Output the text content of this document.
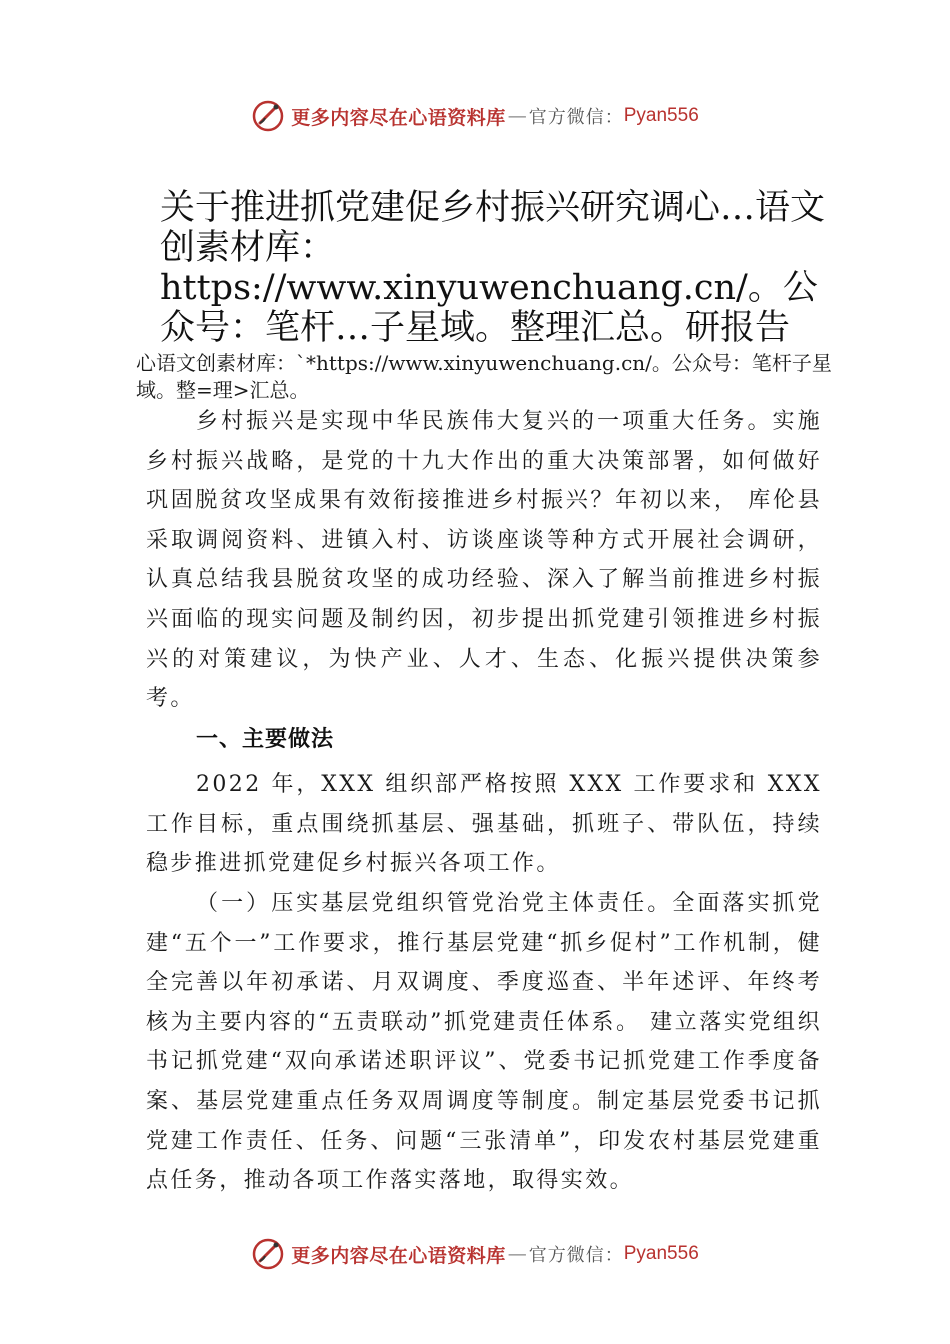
更多内容尽在心语资料库 — 官方微信： Pyan556
关于推进抓党建促乡村振兴研究调心…语文创素材库：https://www.xinyuwenchuang.cn/。公众号：笔杆…子星域。整理汇总。研报告
心语文创素材库：`*https://www.xinyuwenchuang.cn/。公众号：笔杆子星域。整=理>汇总。

乡村振兴是实现中华民族伟大复兴的一项重大任务。实施乡村振兴战略，是党的十九大作出的重大决策部署，如何做好巩固脱贫攻坚成果有效衔接推进乡村振兴？年初以来， 库伦县采取调阅资料、进镇入村、访谈座谈等种方式开展社会调研，认真总结我县脱贫攻坚的成功经验、深入了解当前推进乡村振兴面临的现实问题及制约因，初步提出抓党建引领推进乡村振兴的对策建议，为快产业、人才、生态、化振兴提供决策参考。

一、主要做法

2022 年，XXX 组织部严格按照 XXX 工作要求和 XXX 工作目标，重点围绕抓基层、强基础，抓班子、带队伍，持续稳步推进抓党建促乡村振兴各项工作。

（一）压实基层党组织管党治党主体责任。全面落实抓党建“五个一”工作要求，推行基层党建“抓乡促村”工作机制，健全完善以年初承诺、月双调度、季度巡查、半年述评、年终考核为主要内容的“五责联动”抓党建责任体系。 建立落实党组织书记抓党建“双向承诺述职评议”、党委书记抓党建工作季度备案、基层党建重点任务双周调度等制度。制定基层党委书记抓党建工作责任、任务、问题“三张清单”，印发农村基层党建重点任务，推动各项工作落实落地，取得实效。

更多内容尽在心语资料库 — 官方微信： Pyan556
